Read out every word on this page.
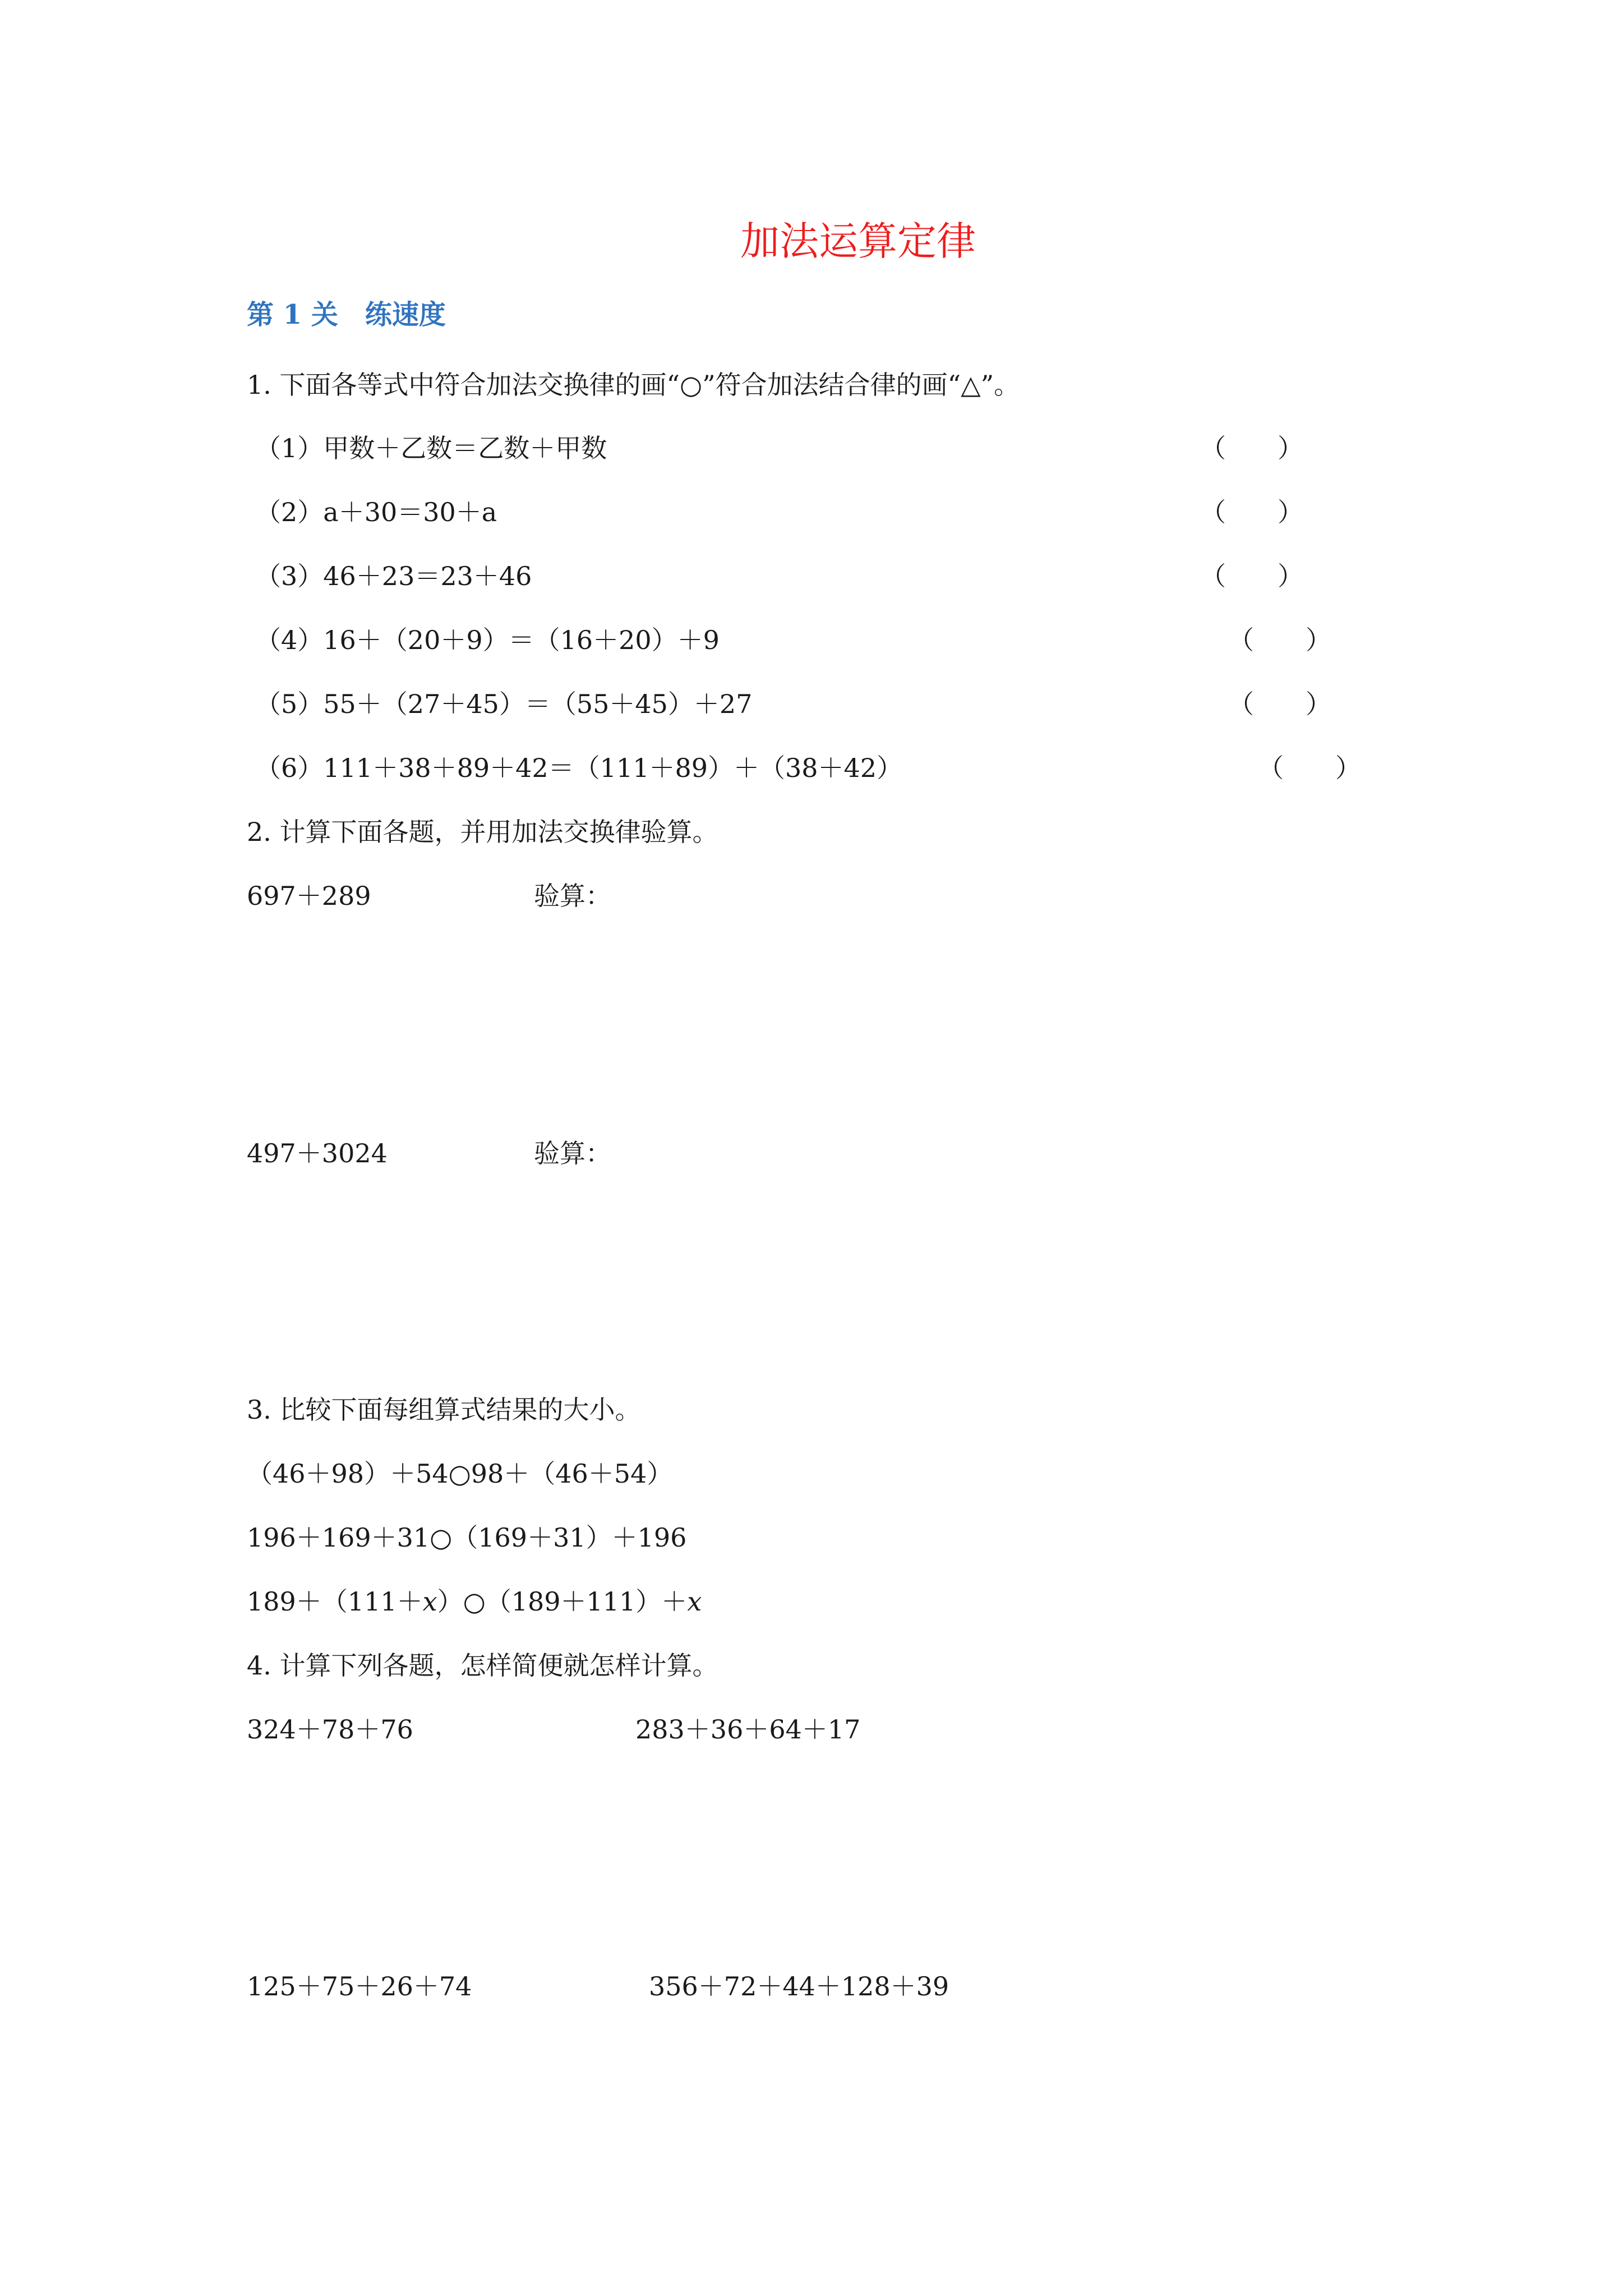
加法运算定律
第 1 关　练速度
1. 下面各等式中符合加法交换律的画“○”符合加法结合律的画“△”。
（1）甲数＋乙数＝乙数＋甲数	（　　）
（2）a＋30＝30＋a	（　　）
（3）46＋23＝23＋46	（　　）
（4）16＋（20＋9）＝（16＋20）＋9	（　　）
（5）55＋（27＋45）＝（55＋45）＋27	（　　）
（6）111＋38＋89＋42＝（111＋89）＋（38＋42）	（　　）
2. 计算下面各题，并用加法交换律验算。
697＋289	验算：
497＋3024	验算：
3. 比较下面每组算式结果的大小。
（46＋98）＋54○98＋（46＋54）
196＋169＋31○（169＋31）＋196
189＋（111＋x）○（189＋111）＋x
4. 计算下列各题，怎样简便就怎样计算。
324＋78＋76	283＋36＋64＋17
125＋75＋26＋74	356＋72＋44＋128＋39
